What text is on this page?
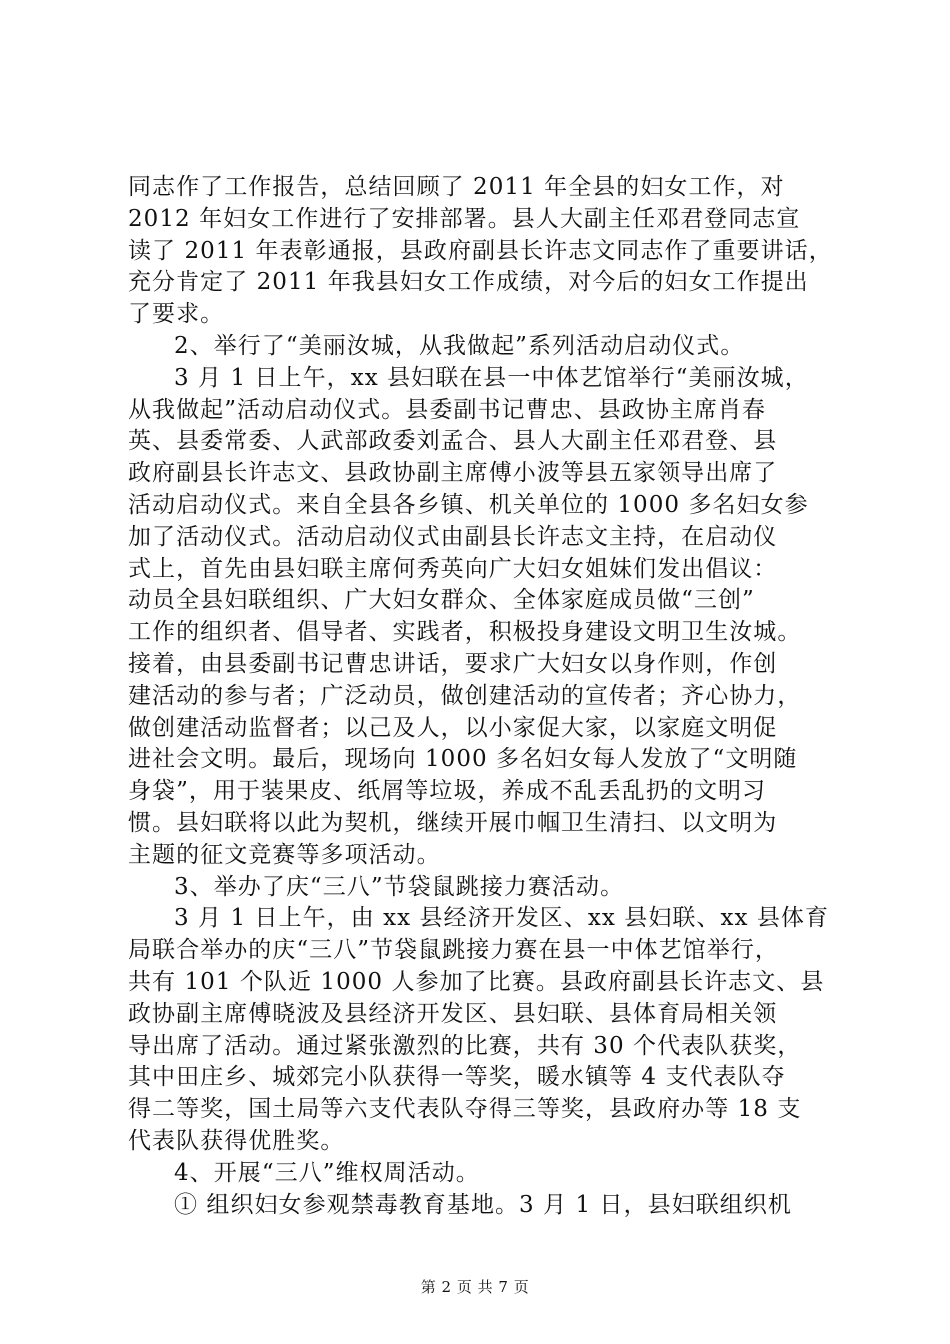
同志作了工作报告，总结回顾了 2011 年全县的妇女工作，对
2012 年妇女工作进行了安排部署。县人大副主任邓君登同志宣
读了 2011 年表彰通报，县政府副县长许志文同志作了重要讲话，
充分肯定了 2011 年我县妇女工作成绩，对今后的妇女工作提出
了要求。
2、举行了“美丽汝城，从我做起”系列活动启动仪式。
3 月 1 日上午，xx 县妇联在县一中体艺馆举行“美丽汝城，
从我做起”活动启动仪式。县委副书记曹忠、县政协主席肖春
英、县委常委、人武部政委刘孟合、县人大副主任邓君登、县
政府副县长许志文、县政协副主席傅小波等县五家领导出席了
活动启动仪式。来自全县各乡镇、机关单位的 1000 多名妇女参
加了活动仪式。活动启动仪式由副县长许志文主持，在启动仪
式上，首先由县妇联主席何秀英向广大妇女姐妹们发出倡议：
动员全县妇联组织、广大妇女群众、全体家庭成员做“三创”
工作的组织者、倡导者、实践者，积极投身建设文明卫生汝城。
接着，由县委副书记曹忠讲话，要求广大妇女以身作则，作创
建活动的参与者；广泛动员，做创建活动的宣传者；齐心协力，
做创建活动监督者；以己及人，以小家促大家，以家庭文明促
进社会文明。最后，现场向 1000 多名妇女每人发放了“文明随
身袋”，用于装果皮、纸屑等垃圾，养成不乱丢乱扔的文明习
惯。县妇联将以此为契机，继续开展巾帼卫生清扫、以文明为
主题的征文竞赛等多项活动。
3、举办了庆“三八”节袋鼠跳接力赛活动。
3 月 1 日上午，由 xx 县经济开发区、xx 县妇联、xx 县体育
局联合举办的庆“三八”节袋鼠跳接力赛在县一中体艺馆举行，
共有 101 个队近 1000 人参加了比赛。县政府副县长许志文、县
政协副主席傅晓波及县经济开发区、县妇联、县体育局相关领
导出席了活动。通过紧张激烈的比赛，共有 30 个代表队获奖，
其中田庄乡、城郊完小队获得一等奖，暖水镇等 4 支代表队夺
得二等奖，国土局等六支代表队夺得三等奖，县政府办等 18 支
代表队获得优胜奖。
4、开展“三八”维权周活动。
① 组织妇女参观禁毒教育基地。3 月 1 日，县妇联组织机
第 2 页 共 7 页
